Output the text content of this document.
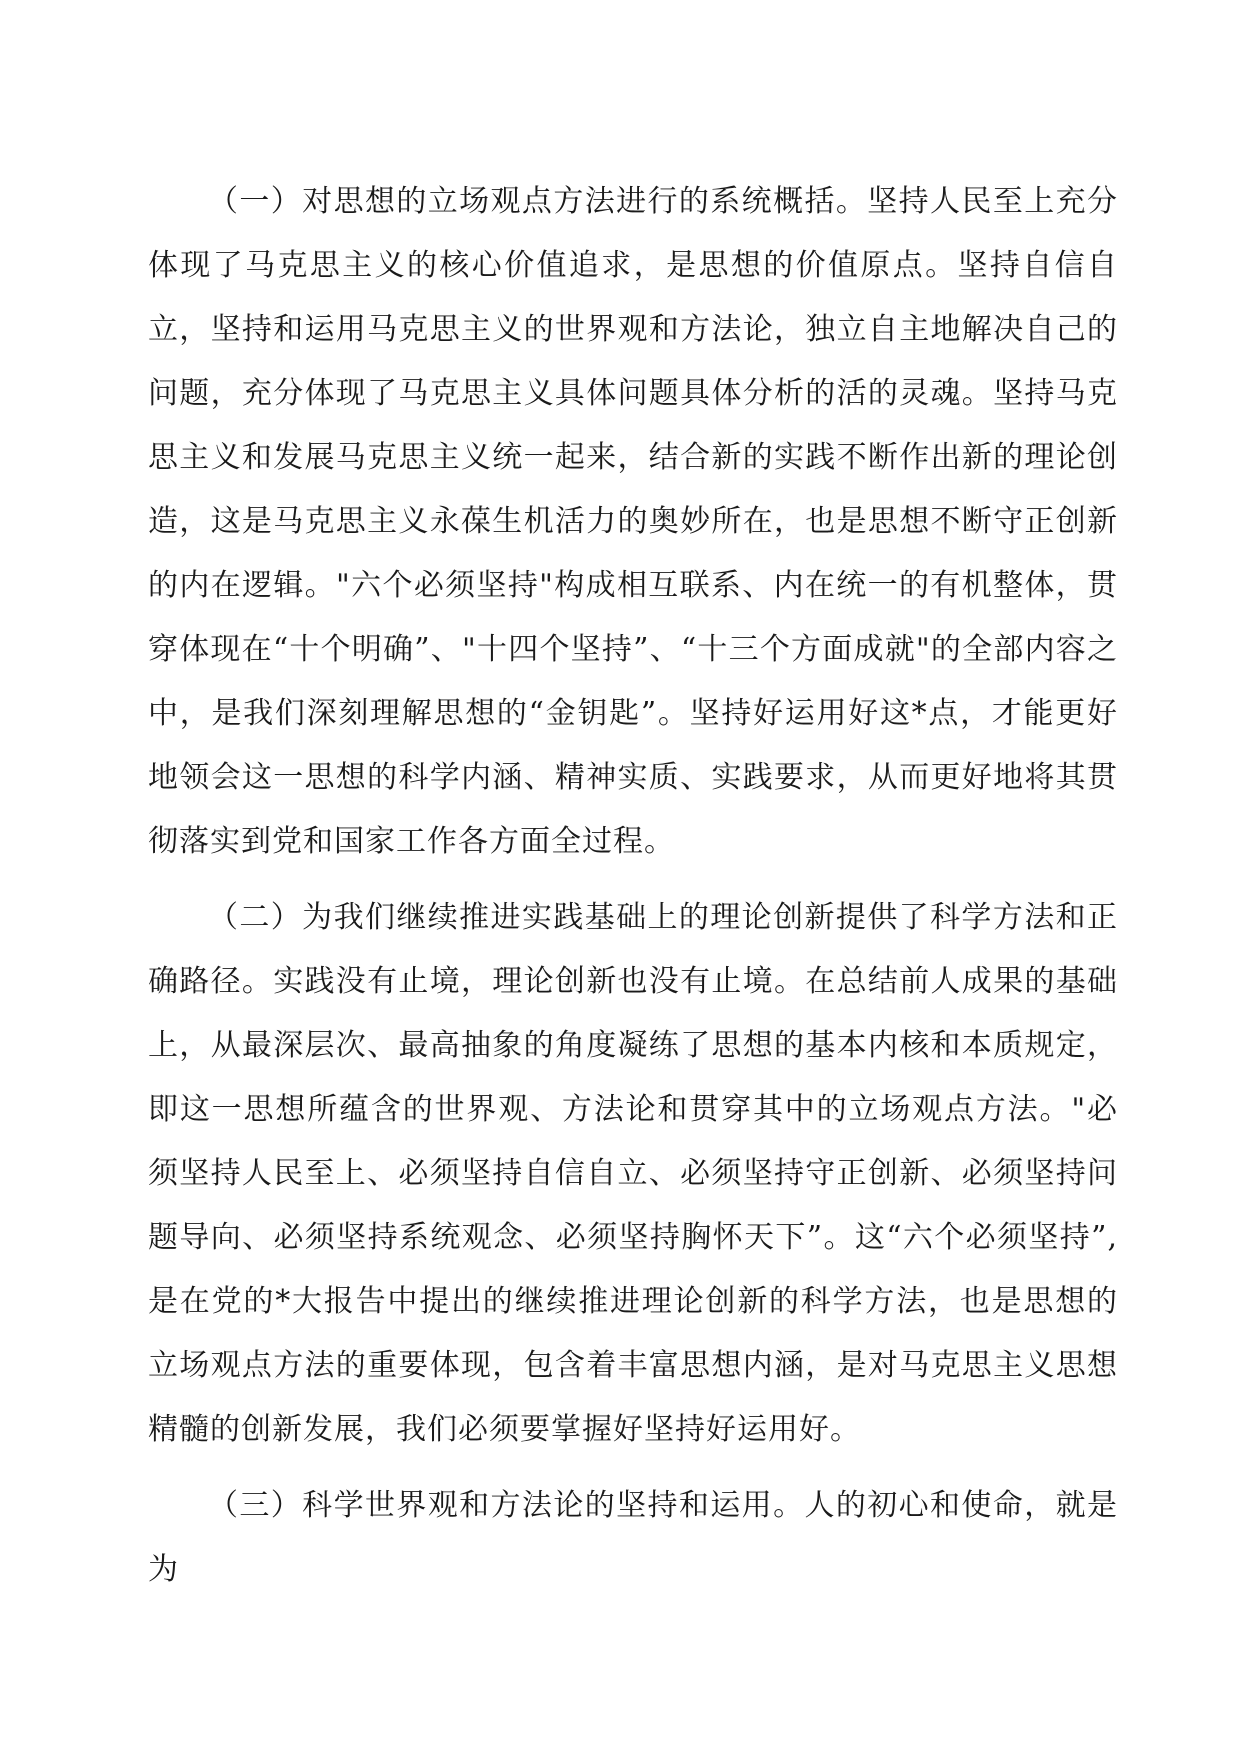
（一）对思想的立场观点方法进行的系统概括。坚持人民至上充分体现了马克思主义的核心价值追求，是思想的价值原点。坚持自信自立，坚持和运用马克思主义的世界观和方法论，独立自主地解决自己的问题，充分体现了马克思主义具体问题具体分析的活的灵魂。坚持马克思主义和发展马克思主义统一起来，结合新的实践不断作出新的理论创造，这是马克思主义永葆生机活力的奥妙所在，也是思想不断守正创新的内在逻辑。"六个必须坚持"构成相互联系、内在统一的有机整体，贯穿体现在“十个明确”、"十四个坚持”、“十三个方面成就"的全部内容之中，是我们深刻理解思想的“金钥匙”。坚持好运用好这*点，才能更好地领会这一思想的科学内涵、精神实质、实践要求，从而更好地将其贯彻落实到党和国家工作各方面全过程。

（二）为我们继续推进实践基础上的理论创新提供了科学方法和正确路径。实践没有止境，理论创新也没有止境。在总结前人成果的基础上，从最深层次、最高抽象的角度凝练了思想的基本内核和本质规定，即这一思想所蕴含的世界观、方法论和贯穿其中的立场观点方法。"必须坚持人民至上、必须坚持自信自立、必须坚持守正创新、必须坚持问题导向、必须坚持系统观念、必须坚持胸怀天下”。这“六个必须坚持”,是在党的*大报告中提出的继续推进理论创新的科学方法，也是思想的立场观点方法的重要体现，包含着丰富思想内涵，是对马克思主义思想精髓的创新发展，我们必须要掌握好坚持好运用好。

（三）科学世界观和方法论的坚持和运用。人的初心和使命，就是为
